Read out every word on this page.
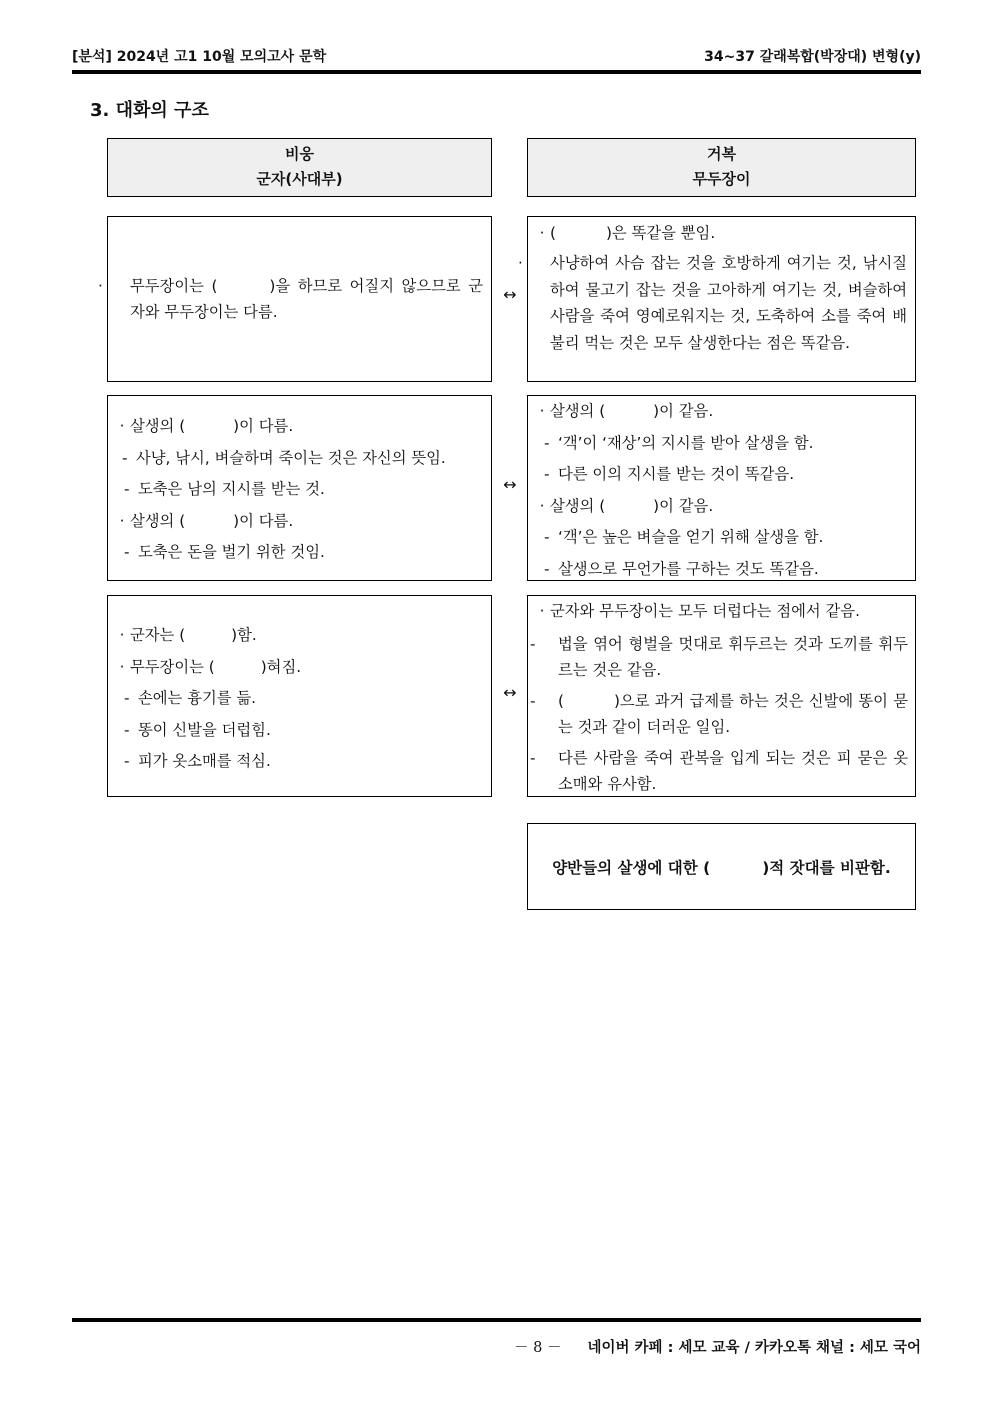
[분석] 2024년 고1 10월 모의고사 문학	34~37 갈래복합(박장대) 변형(y)
3. 대화의 구조
비웅
군자(사대부)
거복
무두장이
· 무두장이는 (	)을 하므로 어질지 않으므로 군자와 무두장이는 다름.
↔
· (	)은 똑같을 뿐임.
· 사냥하여 사슴 잡는 것을 호방하게 여기는 것, 낚시질하여 물고기 잡는 것을 고아하게 여기는 것, 벼슬하여 사람을 죽여 영예로워지는 것, 도축하여 소를 죽여 배불리 먹는 것은 모두 살생한다는 점은 똑같음.
· 살생의 (	)이 다름.
- 사냥, 낚시, 벼슬하며 죽이는 것은 자신의 뜻임.
- 도축은 남의 지시를 받는 것.
· 살생의 (	)이 다름.
- 도축은 돈을 벌기 위한 것임.
↔
· 살생의 (	)이 같음.
- ‘객’이 ‘재상’의 지시를 받아 살생을 함.
- 다른 이의 지시를 받는 것이 똑같음.
· 살생의 (	)이 같음.
- ‘객’은 높은 벼슬을 얻기 위해 살생을 함.
- 살생으로 무언가를 구하는 것도 똑같음.
· 군자는 (	)함.
· 무두장이는 (	)혀짐.
- 손에는 흉기를 듦.
- 똥이 신발을 더럽힘.
- 피가 옷소매를 적심.
↔
· 군자와 무두장이는 모두 더럽다는 점에서 같음.
- 법을 엮어 형벌을 멋대로 휘두르는 것과 도끼를 휘두르는 것은 같음.
- (	)으로 과거 급제를 하는 것은 신발에 똥이 묻는 것과 같이 더러운 일임.
- 다른 사람을 죽여 관복을 입게 되는 것은 피 묻은 옷소매와 유사함.
양반들의 살생에 대한 (	)적 잣대를 비판함.
－ 8 － 네이버 카페 : 세모 교육 / 카카오톡 채널 : 세모 국어
